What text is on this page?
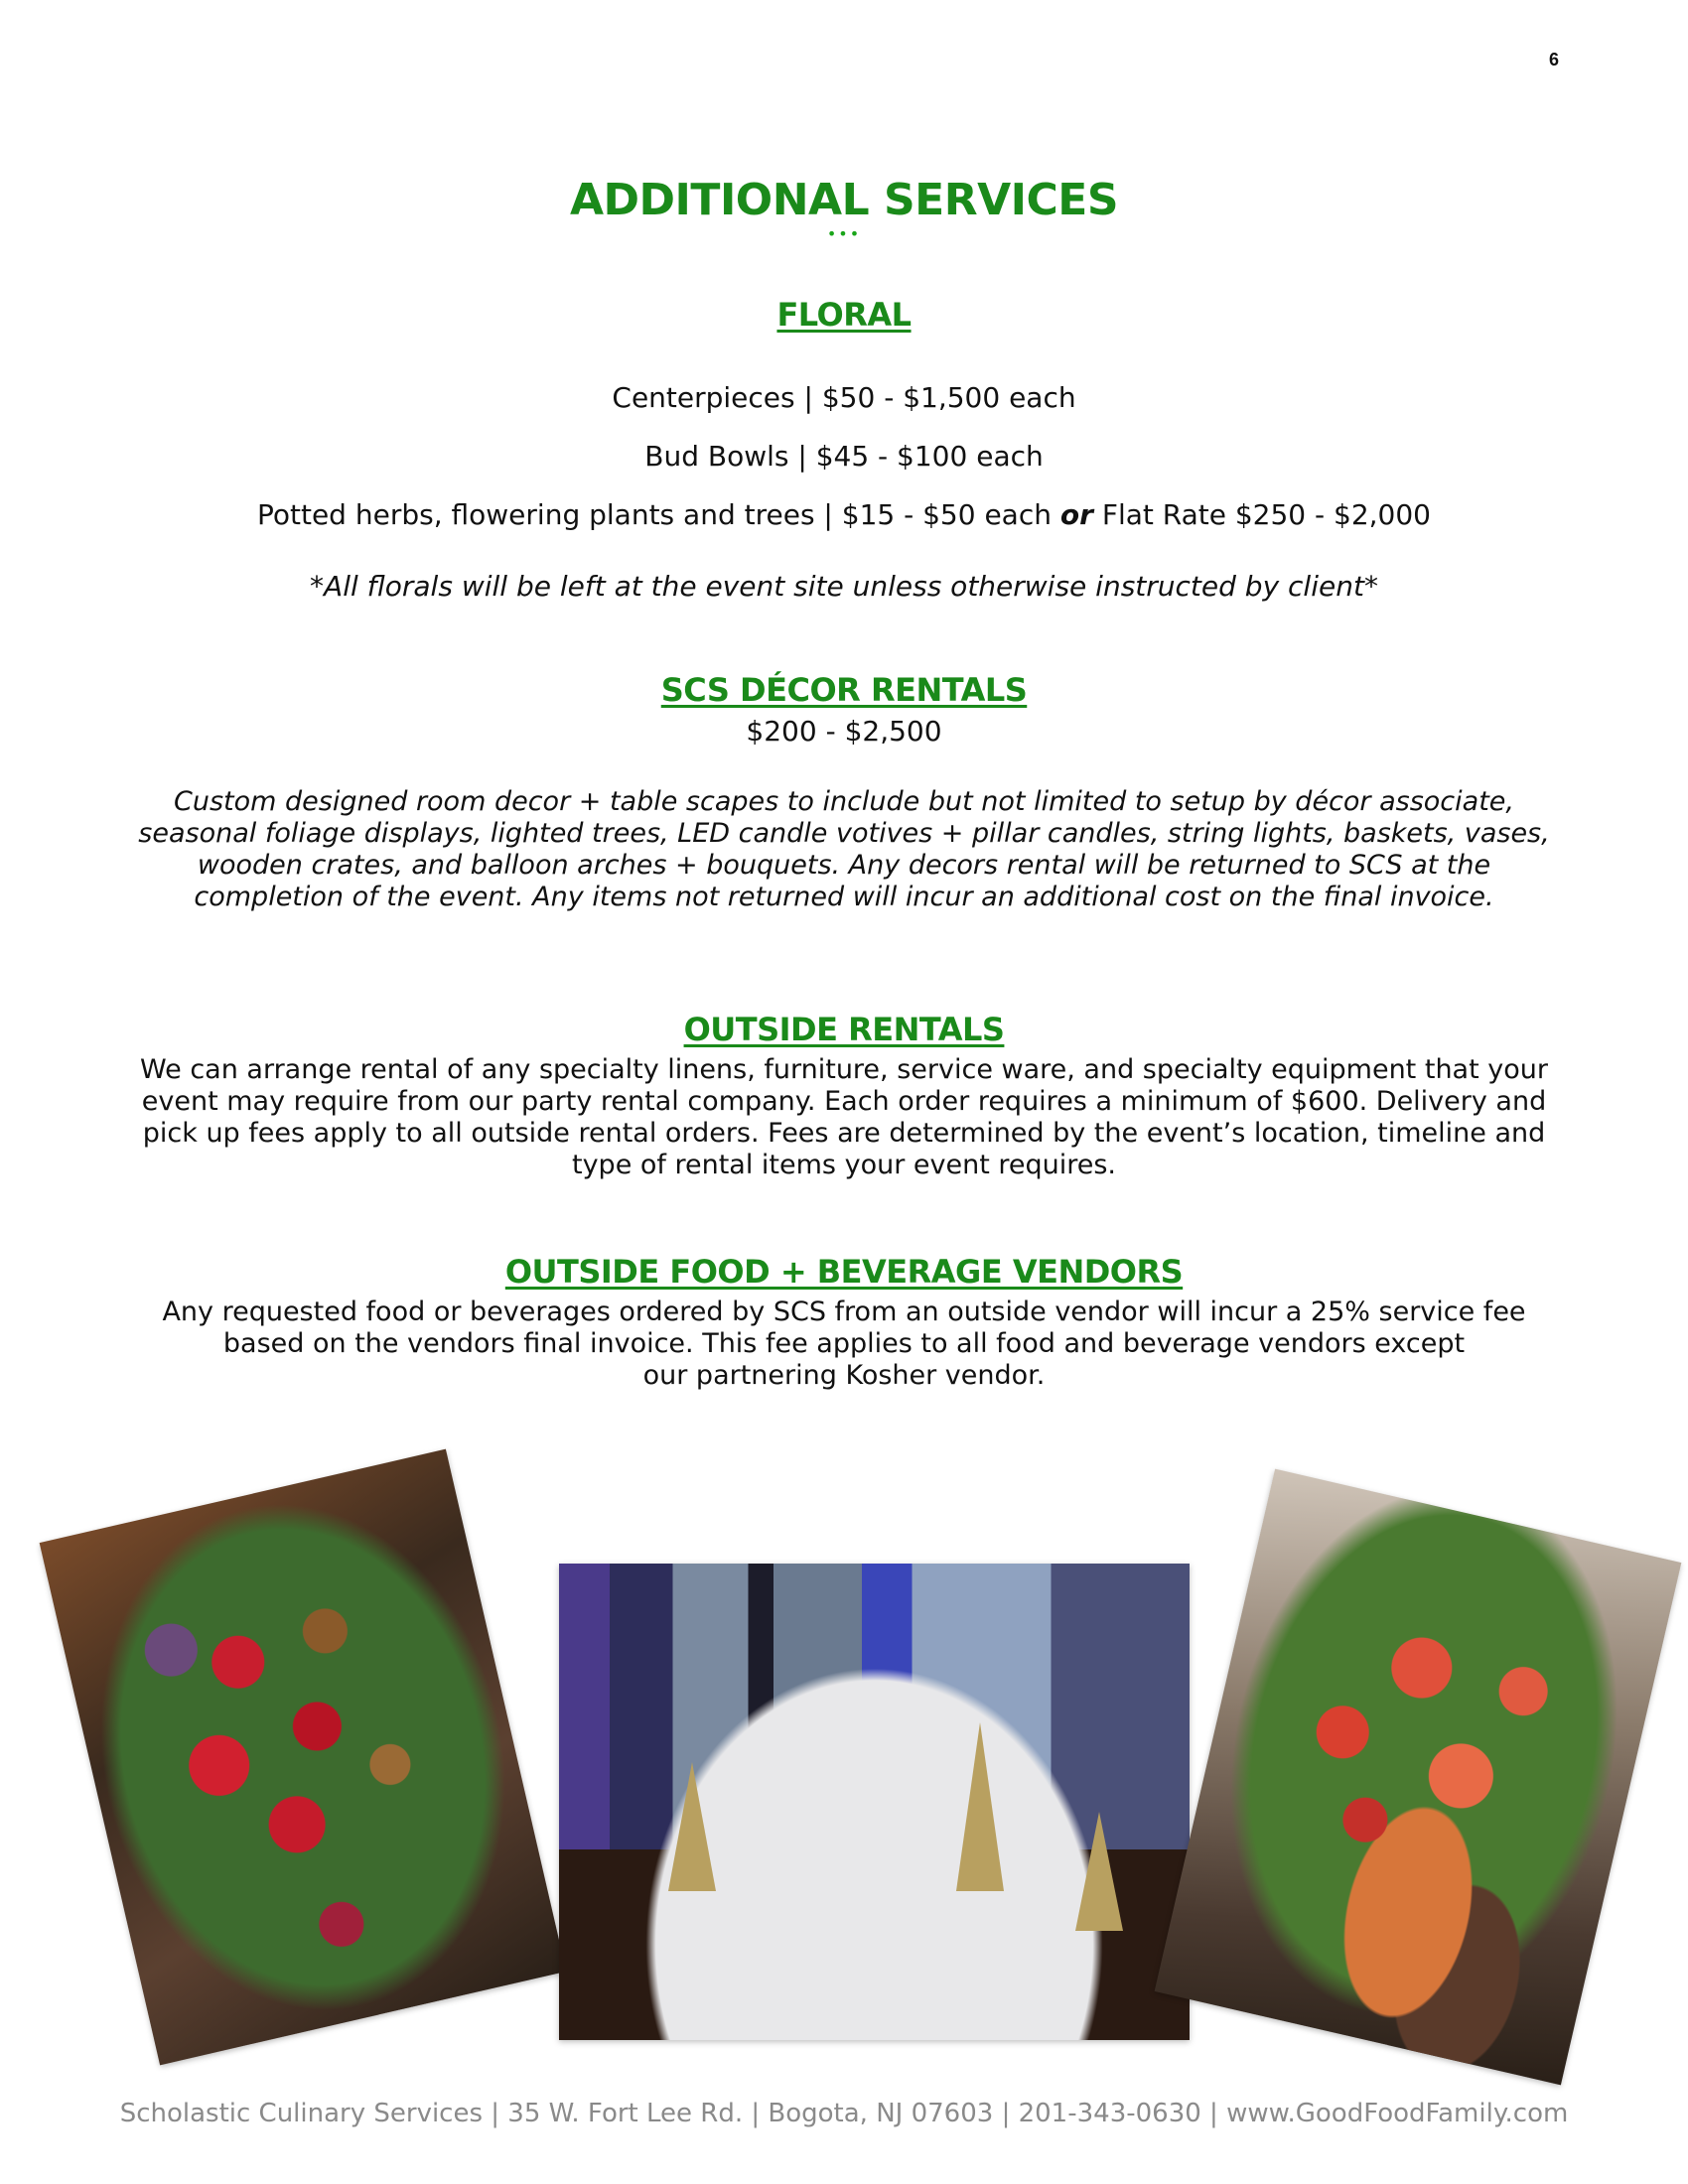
6
ADDITIONAL SERVICES
•••
FLORAL
Centerpieces | $50 - $1,500 each
Bud Bowls | $45 - $100 each
Potted herbs, flowering plants and trees | $15 - $50 each or Flat Rate $250 - $2,000
*All florals will be left at the event site unless otherwise instructed by client*
SCS DÉCOR RENTALS
$200 - $2,500
Custom designed room decor + table scapes to include but not limited to setup by décor associate,
seasonal foliage displays, lighted trees, LED candle votives + pillar candles, string lights, baskets, vases,
wooden crates, and balloon arches + bouquets. Any decors rental will be returned to SCS at the
completion of the event. Any items not returned will incur an additional cost on the final invoice.
OUTSIDE RENTALS
We can arrange rental of any specialty linens, furniture, service ware, and specialty equipment that your
event may require from our party rental company. Each order requires a minimum of $600. Delivery and
pick up fees apply to all outside rental orders. Fees are determined by the event’s location, timeline and
type of rental items your event requires.
OUTSIDE FOOD + BEVERAGE VENDORS
Any requested food or beverages ordered by SCS from an outside vendor will incur a 25% service fee
based on the vendors final invoice. This fee applies to all food and beverage vendors except
our partnering Kosher vendor.
Scholastic Culinary Services | 35 W. Fort Lee Rd. | Bogota, NJ 07603 | 201-343-0630 | www.GoodFoodFamily.com
